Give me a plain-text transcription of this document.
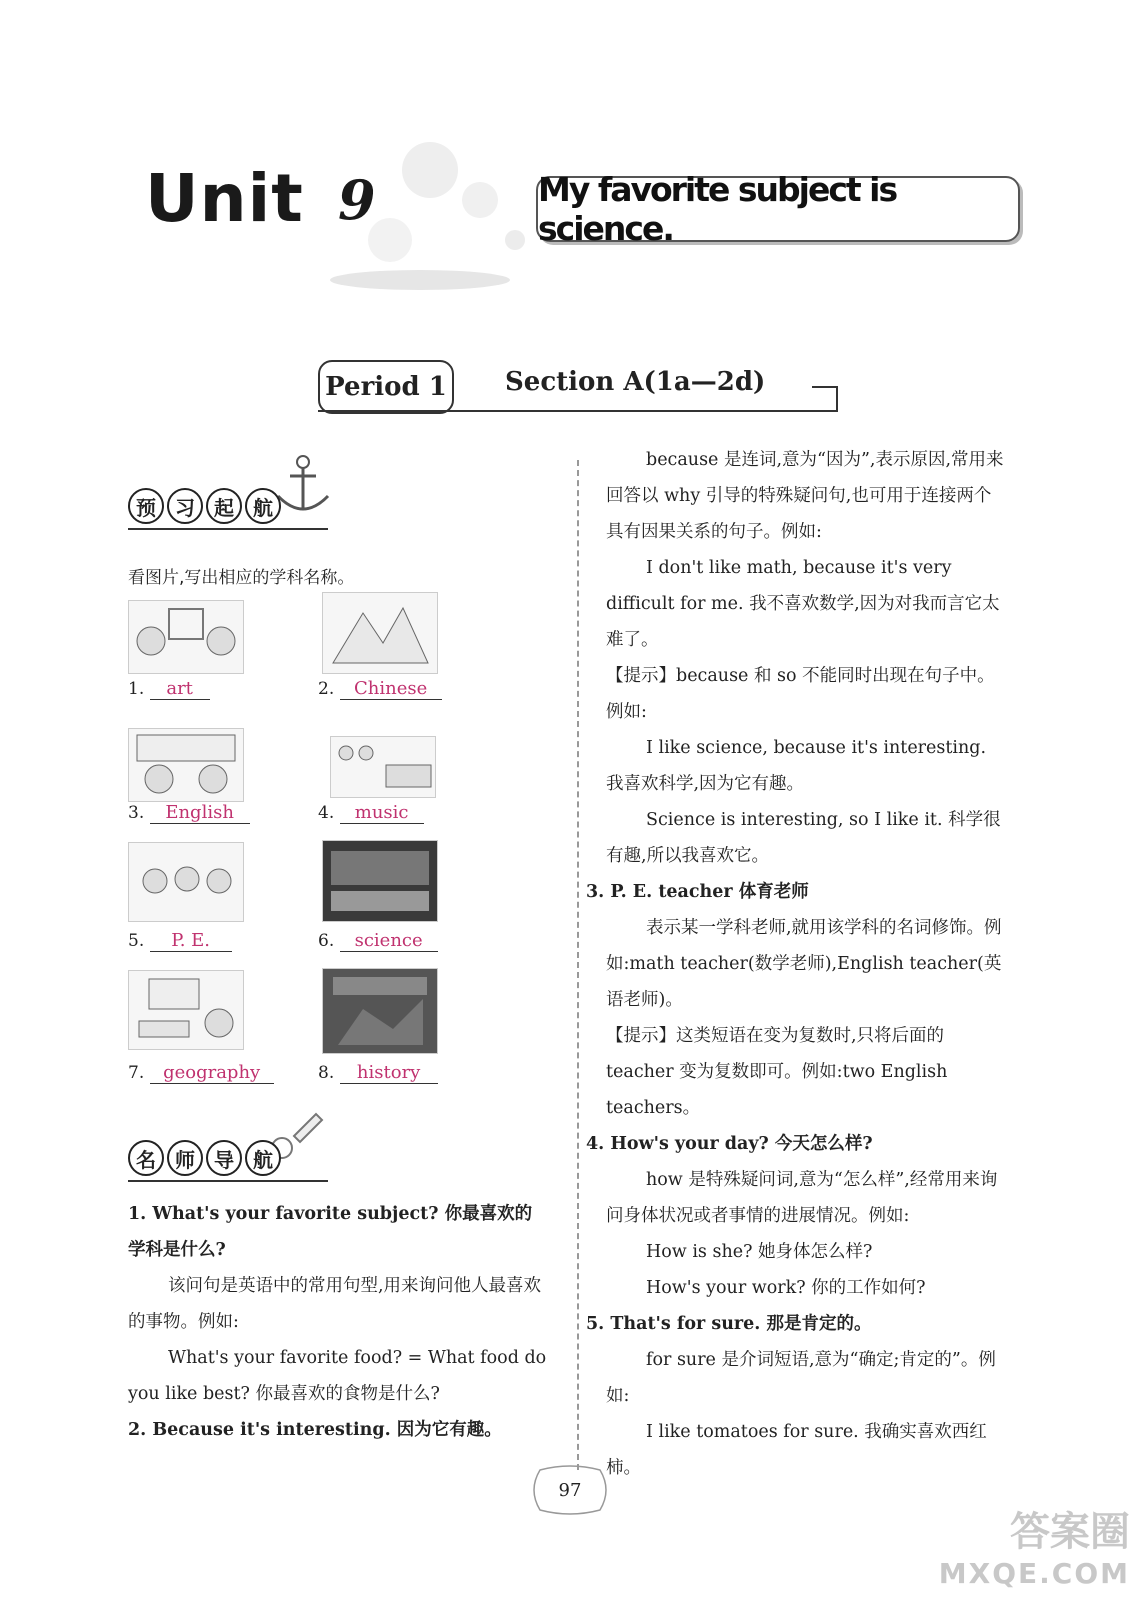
Unit 9	My favorite subject is science.
Period 1 Section A(1a—2d)
预 习 起 航
看图片,写出相应的学科名称。
1. art	2. Chinese
3. English	4. music
5. P. E.	6. science
7. geography	8. history
名 师 导 航
1. What's your favorite subject? 你最喜欢的学科是什么?
该问句是英语中的常用句型,用来询问他人最喜欢的事物。例如:
What's your favorite food? = What food do you like best? 你最喜欢的食物是什么?
2. Because it's interesting. 因为它有趣。
because 是连词,意为“因为”,表示原因,常用来回答以 why 引导的特殊疑问句,也可用于连接两个具有因果关系的句子。例如:
I don't like math, because it's very difficult for me. 我不喜欢数学,因为对我而言它太难了。
【提示】because 和 so 不能同时出现在句子中。例如:
I like science, because it's interesting. 我喜欢科学,因为它有趣。
Science is interesting, so I like it. 科学很有趣,所以我喜欢它。
3. P. E. teacher 体育老师
表示某一学科老师,就用该学科的名词修饰。例如:math teacher(数学老师),English teacher(英语老师)。
【提示】这类短语在变为复数时,只将后面的 teacher 变为复数即可。例如:two English teachers。
4. How's your day? 今天怎么样?
how 是特殊疑问词,意为“怎么样”,经常用来询问身体状况或者事情的进展情况。例如:
How is she? 她身体怎么样?
How's your work? 你的工作如何?
5. That's for sure. 那是肯定的。
for sure 是介词短语,意为“确定;肯定的”。例如:
I like tomatoes for sure. 我确实喜欢西红柿。
97
答案圈
MXQE.COM
